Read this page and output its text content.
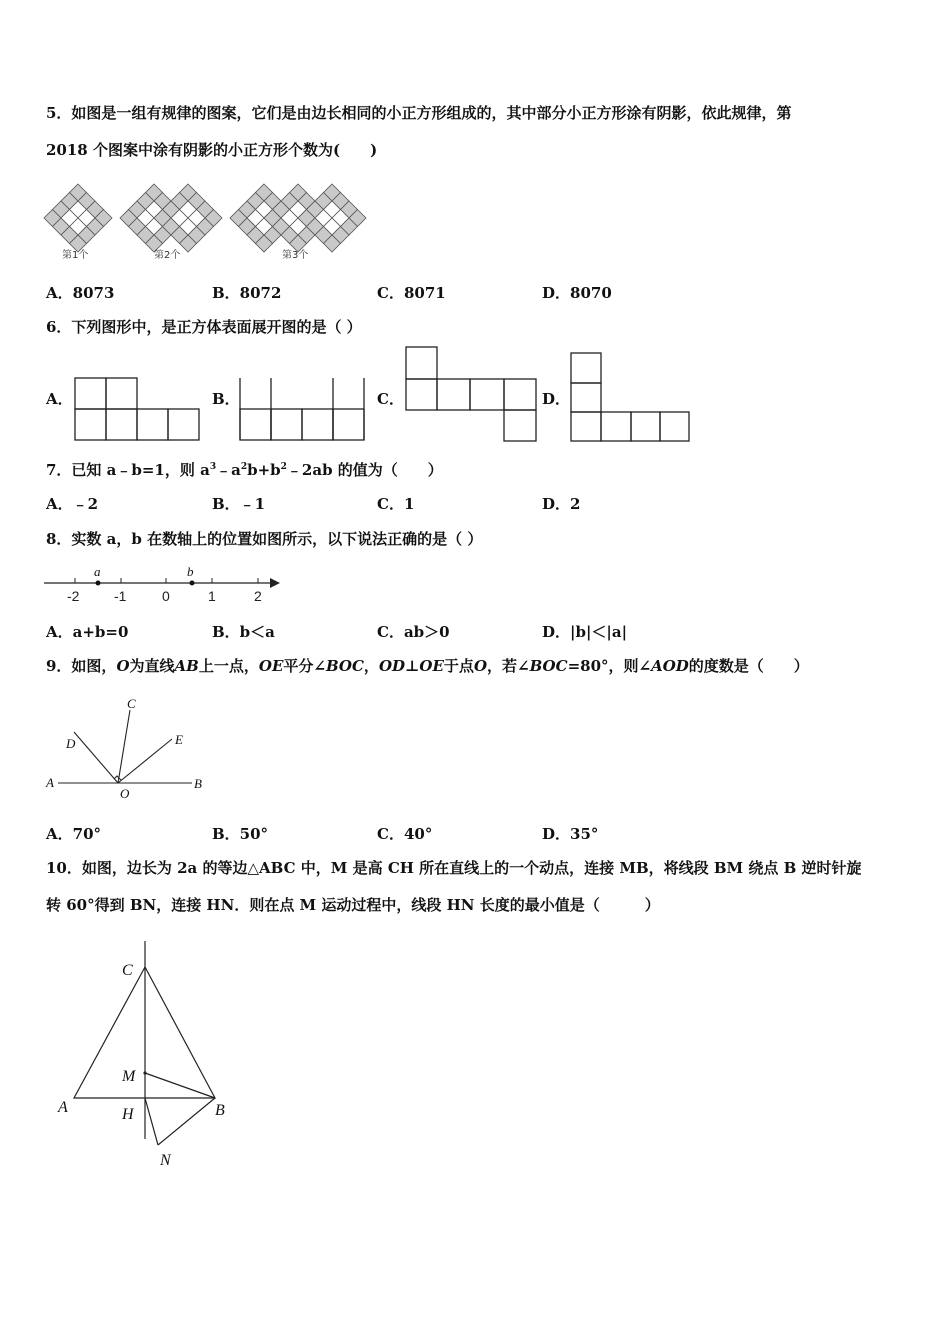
5．如图是一组有规律的图案，它们是由边长相同的小正方形组成的，其中部分小正方形涂有阴影，依此规律，第
2018 个图案中涂有阴影的小正方形个数为(　　)
第1个	第2个	第3个
A．8073	B．8072	C．8071	D．8070
6．下列图形中，是正方体表面展开图的是（ ）
A．	B．	C．	D．
7．已知 a﹣b=1，则 $a^3﹣a^2b+b^2﹣2ab$ 的值为（　　）
A．﹣2	B．﹣1	C．1	D．2
8．实数 a，b 在数轴上的位置如图所示，以下说法正确的是（ ）
a	b
-2 -1	0	1	2
A．a+b=0	B．b＜a	C．ab＞0	D．|b|＜|a|
9．如图，O为直线AB上一点，OE平分∠BOC，OD⊥OE于点O，若∠BOC=80°，则∠AOD的度数是（　　）
A	B
C
D	E
O
A．70°	B．50°	C．40°	D．35°
10．如图，边长为 2a 的等边△ABC 中，M 是高 CH 所在直线上的一个动点，连接 MB，将线段 BM 绕点 B 逆时针旋
转 60°得到 BN，连接 HN．则在点 M 运动过程中，线段 HN 长度的最小值是（　　　）
C
A	B
M
H
N
